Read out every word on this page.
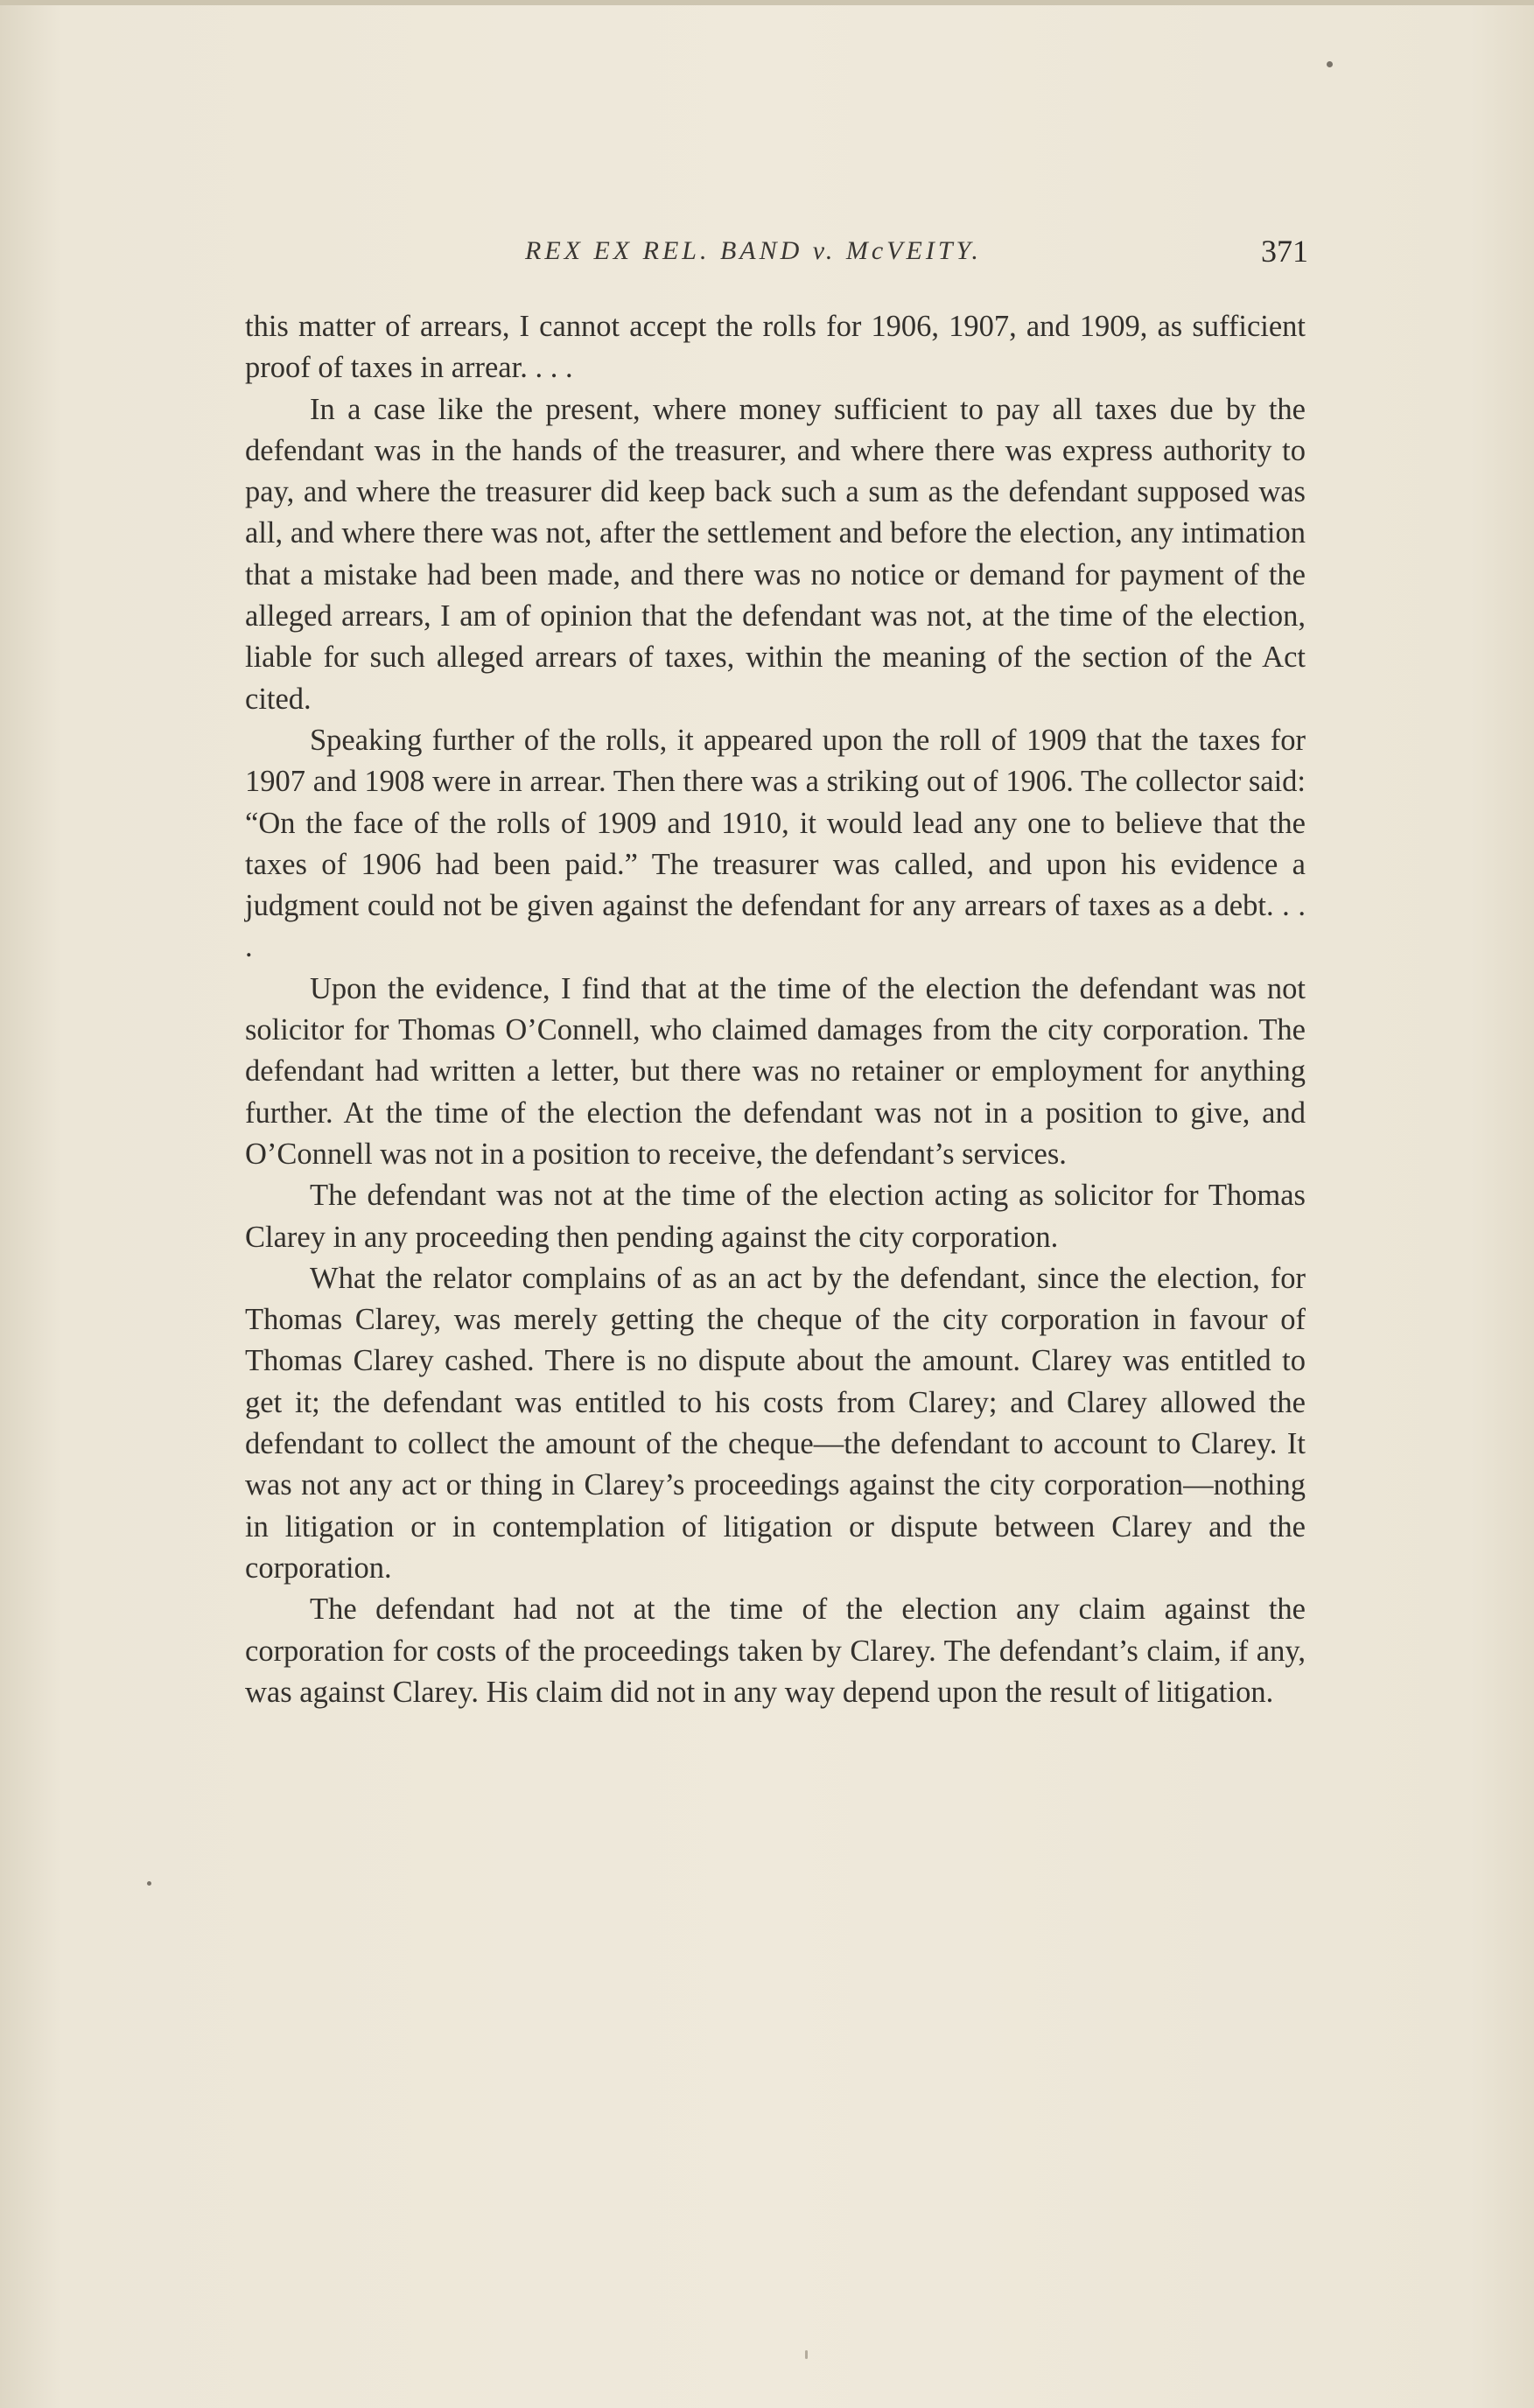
REX EX REL. BAND v. McVEITY.	371

this matter of arrears, I cannot accept the rolls for 1906, 1907, and 1909, as sufficient proof of taxes in arrear. . . .

In a case like the present, where money sufficient to pay all taxes due by the defendant was in the hands of the treasurer, and where there was express authority to pay, and where the treasurer did keep back such a sum as the defendant supposed was all, and where there was not, after the settlement and before the election, any intimation that a mistake had been made, and there was no notice or demand for payment of the alleged arrears, I am of opinion that the defendant was not, at the time of the election, liable for such alleged arrears of taxes, within the meaning of the section of the Act cited.

Speaking further of the rolls, it appeared upon the roll of 1909 that the taxes for 1907 and 1908 were in arrear. Then there was a striking out of 1906. The collector said: “On the face of the rolls of 1909 and 1910, it would lead any one to believe that the taxes of 1906 had been paid.” The treasurer was called, and upon his evidence a judgment could not be given against the defendant for any arrears of taxes as a debt. . . .

Upon the evidence, I find that at the time of the election the defendant was not solicitor for Thomas O’Connell, who claimed damages from the city corporation. The defendant had written a letter, but there was no retainer or employment for anything further. At the time of the election the defendant was not in a position to give, and O’Connell was not in a position to receive, the defendant’s services.

The defendant was not at the time of the election acting as solicitor for Thomas Clarey in any proceeding then pending against the city corporation.

What the relator complains of as an act by the defendant, since the election, for Thomas Clarey, was merely getting the cheque of the city corporation in favour of Thomas Clarey cashed. There is no dispute about the amount. Clarey was entitled to get it; the defendant was entitled to his costs from Clarey; and Clarey allowed the defendant to collect the amount of the cheque—the defendant to account to Clarey. It was not any act or thing in Clarey’s proceedings against the city corporation—nothing in litigation or in contemplation of litigation or dispute between Clarey and the corporation.

The defendant had not at the time of the election any claim against the corporation for costs of the proceedings taken by Clarey. The defendant’s claim, if any, was against Clarey. His claim did not in any way depend upon the result of litigation.
